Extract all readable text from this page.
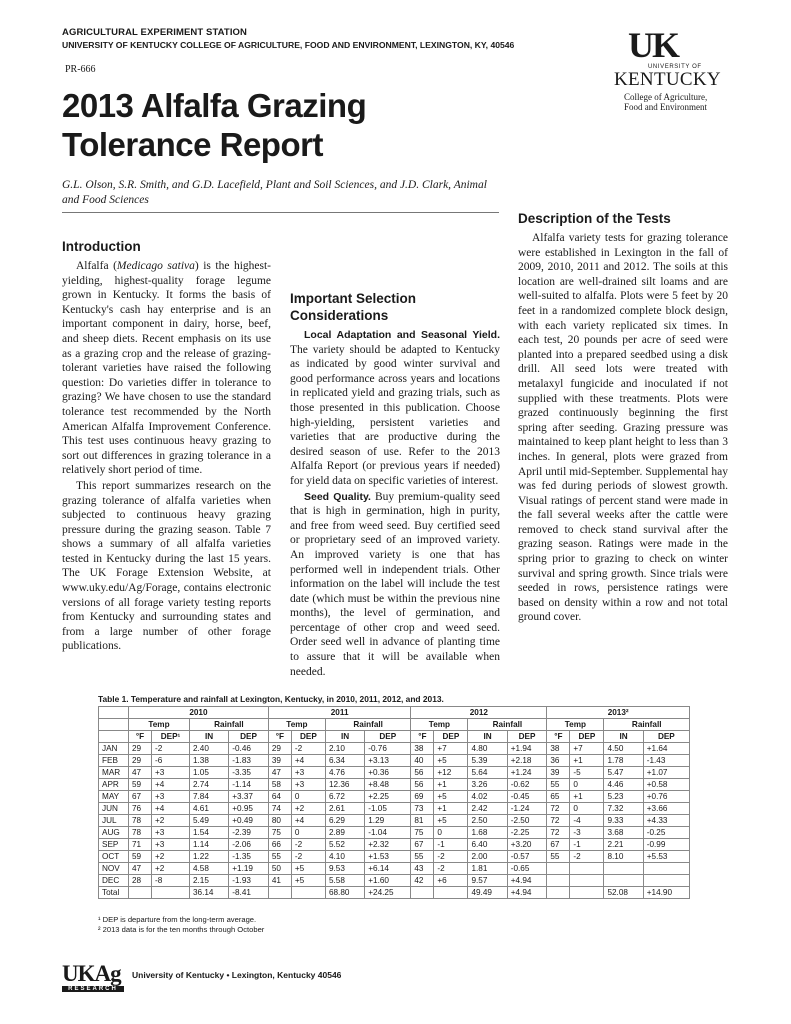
AGRICULTURAL EXPERIMENT STATION
UNIVERSITY OF KENTUCKY COLLEGE OF AGRICULTURE, FOOD AND ENVIRONMENT, LEXINGTON, KY, 40546
PR-666
UK
UNIVERSITY OF
KENTUCKY
College of Agriculture,
Food and Environment
2013 Alfalfa Grazing Tolerance Report
G.L. Olson, S.R. Smith, and G.D. Lacefield, Plant and Soil Sciences, and J.D. Clark, Animal and Food Sciences
Introduction

Alfalfa (Medicago sativa) is the highest-yielding, highest-quality forage legume grown in Kentucky. It forms the basis of Kentucky's cash hay enterprise and is an important component in dairy, horse, beef, and sheep diets. Recent emphasis on its use as a grazing crop and the release of grazing-tolerant varieties have raised the following question: Do varieties differ in tolerance to grazing? We have chosen to use the standard tolerance test recommended by the North American Alfalfa Improvement Conference. This test uses continuous heavy grazing to sort out differences in grazing tolerance in a relatively short period of time.

This report summarizes research on the grazing tolerance of alfalfa varieties when subjected to continuous heavy grazing pressure during the grazing season. Table 7 shows a summary of all alfalfa varieties tested in Kentucky during the last 15 years. The UK Forage Extension Website, at www.uky.edu/Ag/Forage, contains electronic versions of all forage variety testing reports from Kentucky and surrounding states and from a large number of other forage publications.

Important Selection Considerations

Local Adaptation and Seasonal Yield. The variety should be adapted to Kentucky as indicated by good winter survival and good performance across years and locations in replicated yield and grazing trials, such as those presented in this publication. Choose high-yielding, persistent varieties and varieties that are productive during the desired season of use. Refer to the 2013 Alfalfa Report (or previous years if needed) for yield data on specific varieties of interest.

Seed Quality. Buy premium-quality seed that is high in germination, high in purity, and free from weed seed. Buy certified seed or proprietary seed of an improved variety. An improved variety is one that has performed well in independent trials. Other information on the label will include the test date (which must be within the previous nine months), the level of germination, and percentage of other crop and weed seed. Order seed well in advance of planting time to assure that it will be available when needed.

Description of the Tests

Alfalfa variety tests for grazing tolerance were established in Lexington in the fall of 2009, 2010, 2011 and 2012. The soils at this location are well-drained silt loams and are well-suited to alfalfa. Plots were 5 feet by 20 feet in a randomized complete block design, with each variety replicated six times. In each test, 20 pounds per acre of seed were planted into a prepared seedbed using a disk drill. All seed lots were treated with metalaxyl fungicide and inoculated if not supplied with these treatments. Plots were grazed continuously beginning the first spring after seeding. Grazing pressure was maintained to keep plant height to less than 3 inches. In general, plots were grazed from April until mid-September. Supplemental hay was fed during periods of slowest growth. Visual ratings of percent stand were made in the fall several weeks after the cattle were removed to check stand survival after the grazing season. Ratings were made in the spring prior to grazing to check on winter survival and spring growth. Since trials were seeded in rows, persistence ratings were based on density within a row and not total ground cover.

Table 1. Temperature and rainfall at Lexington, Kentucky, in 2010, 2011, 2012, and 2013.
	2010				2011				2012				2013²			
	Temp		Rainfall		Temp		Rainfall		Temp		Rainfall		Temp		Rainfall	
	°F	DEP¹	IN	DEP	°F	DEP	IN	DEP	°F	DEP	IN	DEP	°F	DEP	IN	DEP
JAN	29	-2	2.40	-0.46	29	-2	2.10	-0.76	38	+7	4.80	+1.94	38	+7	4.50	+1.64
FEB	29	-6	1.38	-1.83	39	+4	6.34	+3.13	40	+5	5.39	+2.18	36	+1	1.78	-1.43
MAR	47	+3	1.05	-3.35	47	+3	4.76	+0.36	56	+12	5.64	+1.24	39	-5	5.47	+1.07
APR	59	+4	2.74	-1.14	58	+3	12.36	+8.48	56	+1	3.26	-0.62	55	0	4.46	+0.58
MAY	67	+3	7.84	+3.37	64	0	6.72	+2.25	69	+5	4.02	-0.45	65	+1	5.23	+0.76
JUN	76	+4	4.61	+0.95	74	+2	2.61	-1.05	73	+1	2.42	-1.24	72	0	7.32	+3.66
JUL	78	+2	5.49	+0.49	80	+4	6.29	1.29	81	+5	2.50	-2.50	72	-4	9.33	+4.33
AUG	78	+3	1.54	-2.39	75	0	2.89	-1.04	75	0	1.68	-2.25	72	-3	3.68	-0.25
SEP	71	+3	1.14	-2.06	66	-2	5.52	+2.32	67	-1	6.40	+3.20	67	-1	2.21	-0.99
OCT	59	+2	1.22	-1.35	55	-2	4.10	+1.53	55	-2	2.00	-0.57	55	-2	8.10	+5.53
NOV	47	+2	4.58	+1.19	50	+5	9.53	+6.14	43	-2	1.81	-0.65				
DEC	28	-8	2.15	-1.93	41	+5	5.58	+1.60	42	+6	9.57	+4.94				
Total			36.14	-8.41			68.80	+24.25			49.49	+4.94			52.08	+14.90
¹ DEP is departure from the long-term average.
² 2013 data is for the ten months through October
UKAg
RESEARCH
University of Kentucky • Lexington, Kentucky 40546
